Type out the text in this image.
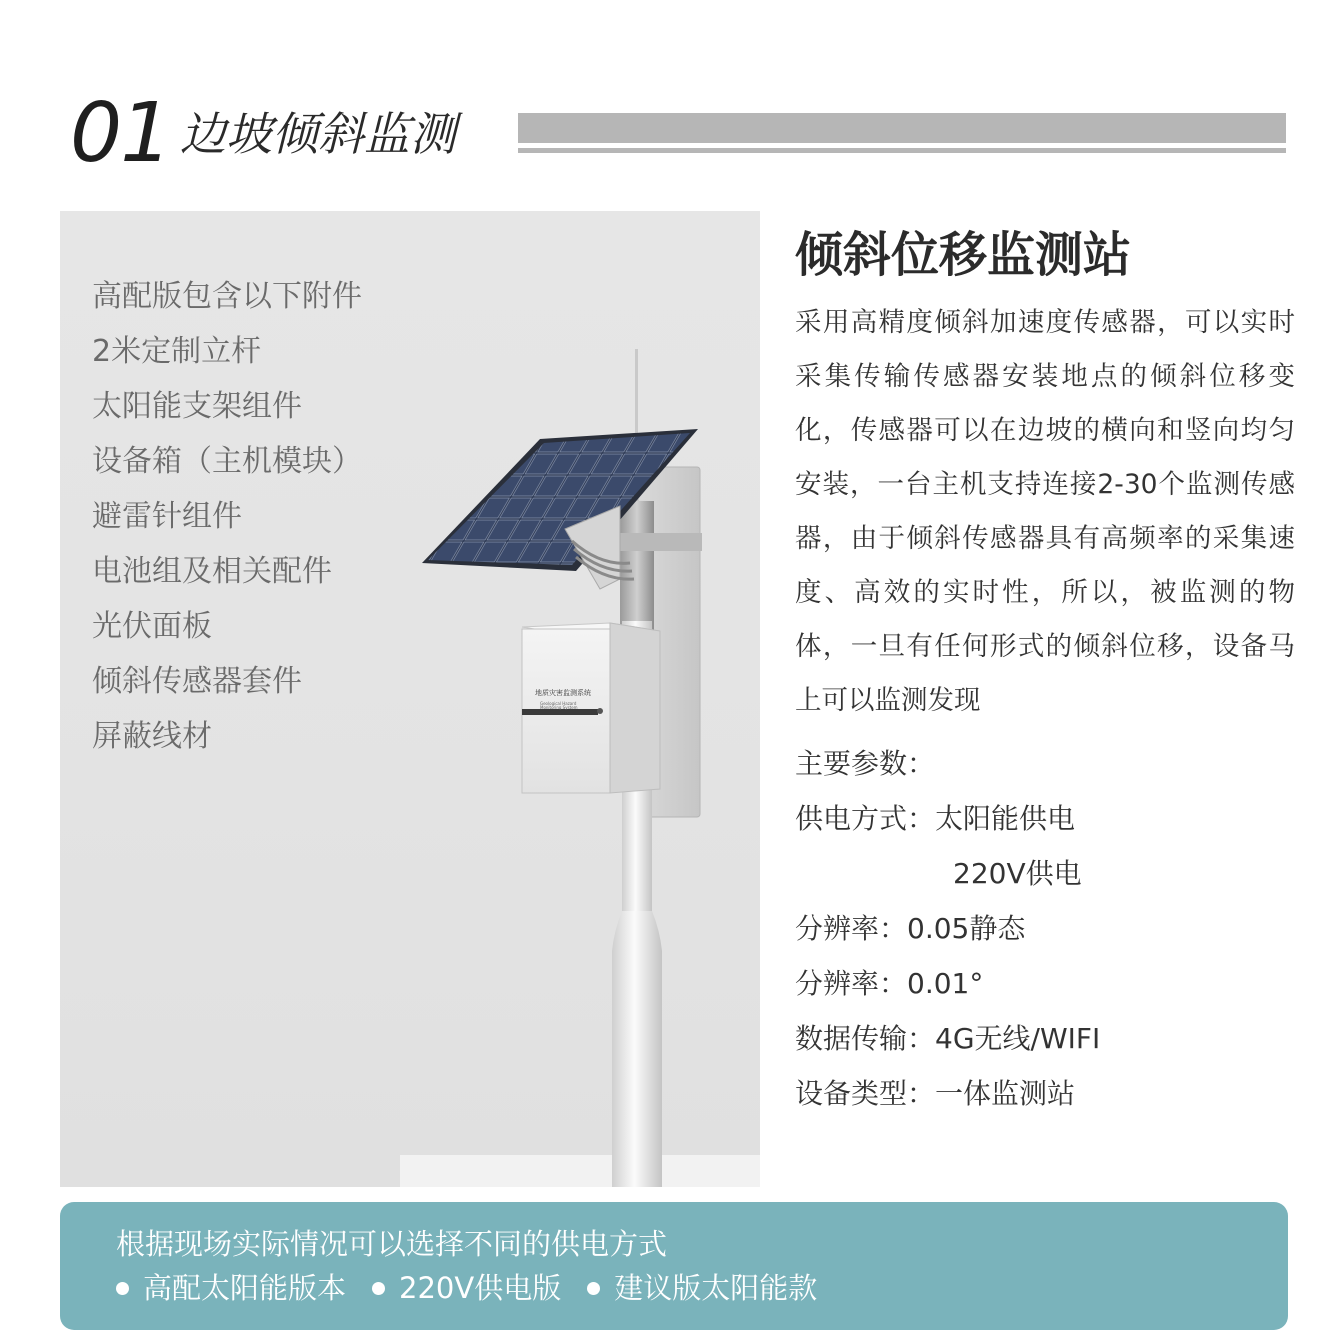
01 边坡倾斜监测
高配版包含以下附件
2米定制立杆
太阳能支架组件
设备箱（主机模块）
避雷针组件
电池组及相关配件
光伏面板
倾斜传感器套件
屏蔽线材
地质灾害监测系统
Geological Hazard
Monitoring System
倾斜位移监测站

采用高精度倾斜加速度传感器，可以实时采集传输传感器安装地点的倾斜位移变化，传感器可以在边坡的横向和竖向均匀安装，一台主机支持连接2-30个监测传感器，由于倾斜传感器具有高频率的采集速度、高效的实时性，所以，被监测的物体，一旦有任何形式的倾斜位移，设备马上可以监测发现

主要参数：
供电方式：太阳能供电
220V供电
分辨率：0.05静态
分辨率：0.01°
数据传输：4G无线/WIFI
设备类型：一体监测站
根据现场实际情况可以选择不同的供电方式
高配太阳能版本 220V供电版 建议版太阳能款
